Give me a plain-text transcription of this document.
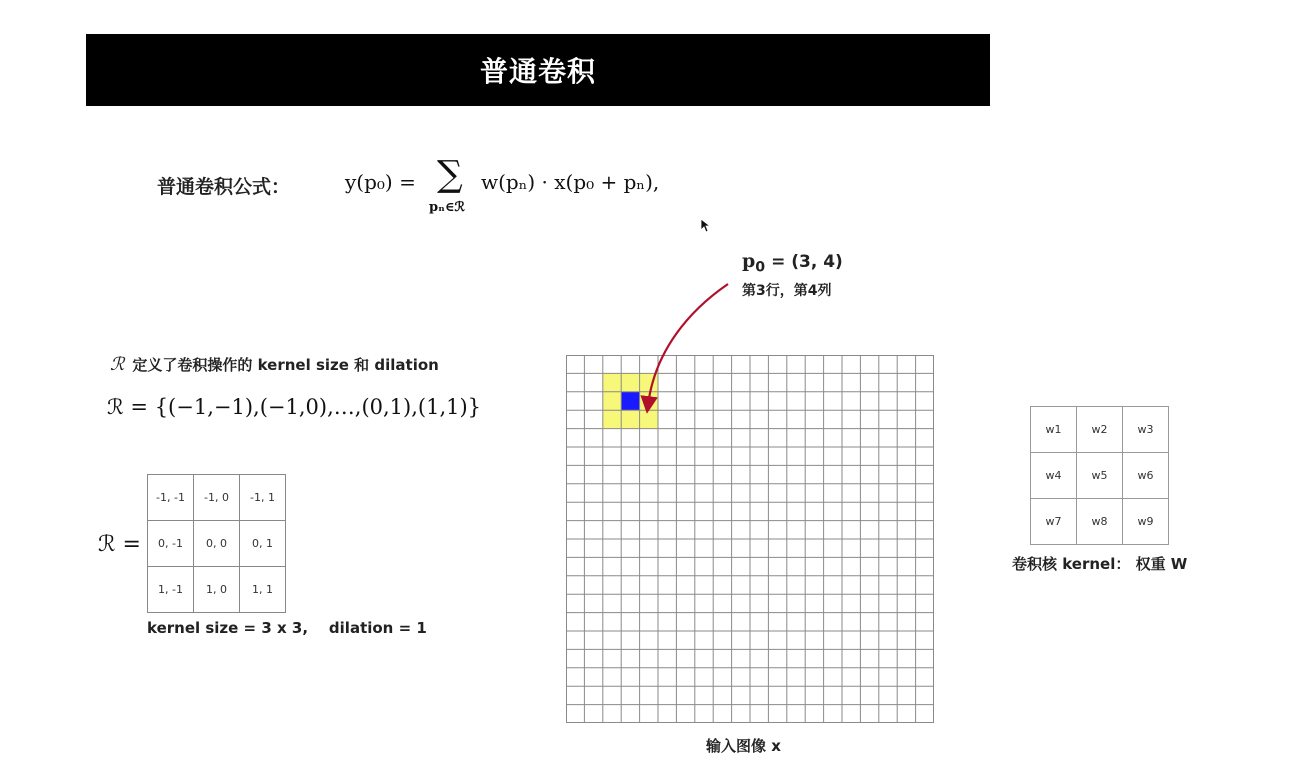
普通卷积
普通卷积公式：	y(p₀) = ∑
pₙ∈ℛ
w(pₙ) · x(p₀ + pₙ),
$p_0 = (3$, 4)
第3行，第4列
ℛ 定义了卷积操作的 kernel size 和 dilation
ℛ = {(−1,−1),(−1,0),…,(0,1),(1,1)}
ℛ =
-1, -1	-1, 0	-1, 1
0, -1	0, 0	0, 1
1, -1	1, 0	1, 1
kernel size = 3 x 3,    dilation = 1
输入图像 x
w1	w2	w3
w4	w5	w6
w7	w8	w9
卷积核 kernel： 权重 W
